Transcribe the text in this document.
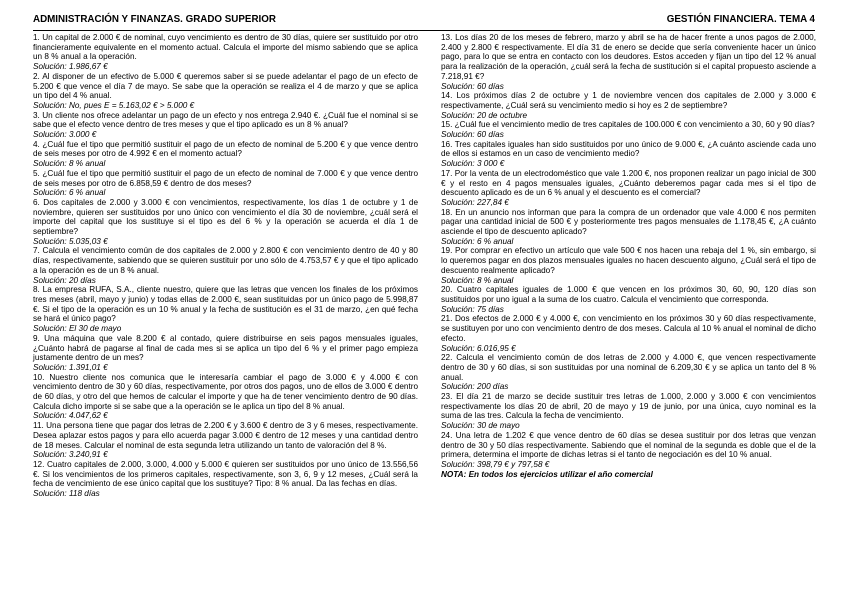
ADMINISTRACIÓN Y FINANZAS. GRADO SUPERIOR	GESTIÓN FINANCIERA. TEMA 4

1. Un capital de 2.000 € de nominal, cuyo vencimiento es dentro de 30 días, quiere ser sustituido por otro financieramente equivalente en el momento actual. Calcula el importe del mismo sabiendo que se aplica un 8 % anual a la operación.

Solución: 1.986,67 €

2. Al disponer de un efectivo de 5.000 € queremos saber si se puede adelantar el pago de un efecto de 5.200 € que vence el día 7 de mayo. Se sabe que la operación se realiza el 4 de marzo y que se aplica un tipo del 4 % anual.

Solución: No, pues E = 5.163,02 € > 5.000 €

3. Un cliente nos ofrece adelantar un pago de un efecto y nos entrega 2.940 €. ¿Cuál fue el nominal si se sabe que el efecto vence dentro de tres meses y que el tipo aplicado es un 8 % anual?

Solución: 3.000 €

4. ¿Cuál fue el tipo que permitió sustituir el pago de un efecto de nominal de 5.200 € y que vence dentro de seis meses por otro de 4.992 € en el momento actual?

Solución: 8 % anual

5. ¿Cuál fue el tipo que permitió sustituir el pago de un efecto de nominal de 7.000 € y que vence dentro de seis meses por otro de 6.858,59 € dentro de dos meses?

Solución: 6 % anual

6. Dos capitales de 2.000 y 3.000 € con vencimientos, respectivamente, los días 1 de octubre y 1 de noviembre, quieren ser sustituidos por uno único con vencimiento el día 30 de noviembre, ¿cuál será el importe del capital que los sustituye si el tipo es del 6 % y la operación se acuerda el día 1 de septiembre?

Solución: 5.035,03 €

7. Calcula el vencimiento común de dos capitales de 2.000 y 2.800 € con vencimiento dentro de 40 y 80 días, respectivamente, sabiendo que se quieren sustituir por uno sólo de 4.753,57 € y que el tipo aplicado a la operación es de un 8 % anual.

Solución: 20 días

8. La empresa RUFA, S.A., cliente nuestro, quiere que las letras que vencen los finales de los próximos tres meses (abril, mayo y junio) y todas ellas de 2.000 €, sean sustituidas por un único pago de 5.998,87 €. Si el tipo de la operación es un 10 % anual y la fecha de sustitución es el 31 de marzo, ¿en qué fecha se hará el único pago?

Solución: El 30 de mayo

9. Una máquina que vale 8.200 € al contado, quiere distribuirse en seis pagos mensuales iguales, ¿Cuánto habrá de pagarse al final de cada mes si se aplica un tipo del 6 % y el primer pago empieza justamente dentro de un mes?

Solución: 1.391,01 €

10. Nuestro cliente nos comunica que le interesaría cambiar el pago de 3.000 € y 4.000 € con vencimiento dentro de 30 y 60 días, respectivamente, por otros dos pagos, uno de ellos de 3.000 € dentro de 60 días, y otro del que hemos de calcular el importe y que ha de tener vencimiento dentro de 90 días. Calcula dicho importe si se sabe que a la operación se le aplica un tipo del 8 % anual.

Solución: 4.047,62 €

11. Una persona tiene que pagar dos letras de 2.200 € y 3.600 € dentro de 3 y 6 meses, respectivamente. Desea aplazar estos pagos y para ello acuerda pagar 3.000 € dentro de 12 meses y una cantidad dentro de 18 meses. Calcular el nominal de esta segunda letra utilizando un tanto de valoración del 8 %.

Solución: 3.240,91 €

12. Cuatro capitales de 2.000, 3.000, 4.000 y 5.000 € quieren ser sustituidos por uno único de 13.556,56 €. Si los vencimientos de los primeros capitales, respectivamente, son 3, 6, 9 y 12 meses, ¿Cuál será la fecha de vencimiento de ese único capital que los sustituye? Tipo: 8 % anual. Da las fechas en días.

Solución: 118 días

13. Los días 20 de los meses de febrero, marzo y abril se ha de hacer frente a unos pagos de 2.000, 2.400 y 2.800 € respectivamente. El día 31 de enero se decide que sería conveniente hacer un único pago, para lo que se entra en contacto con los deudores. Estos acceden y fijan un tipo del 12 % anual para la realización de la operación, ¿cuál será la fecha de sustitución si el capital propuesto asciende a 7.218,91 €?

Solución: 60 días

14. Los próximos días 2 de octubre y 1 de noviembre vencen dos capitales de 2.000 y 3.000 € respectivamente, ¿Cuál será su vencimiento medio si hoy es 2 de septiembre?

Solución: 20 de octubre

15. ¿Cuál fue el vencimiento medio de tres capitales de 100.000 € con vencimiento a 30, 60 y 90 días?

Solución: 60 días

16. Tres capitales iguales han sido sustituidos por uno único de 9.000 €, ¿A cuánto asciende cada uno de ellos si estamos en un caso de vencimiento medio?

Solución: 3 000 €

17. Por la venta de un electrodoméstico que vale 1.200 €, nos proponen realizar un pago inicial de 300 € y el resto en 4 pagos mensuales iguales, ¿Cuánto deberemos pagar cada mes si el tipo de descuento aplicado es de un 6 % anual y el descuento es el comercial?

Solución: 227,84 €

18. En un anuncio nos informan que para la compra de un ordenador que vale 4.000 € nos permiten pagar una cantidad inicial de 500 € y posteriormente tres pagos mensuales de 1.178,45 €, ¿A cuánto asciende el tipo de descuento aplicado?

Solución: 6 % anual

19. Por comprar en efectivo un artículo que vale 500 € nos hacen una rebaja del 1 %, sin embargo, si lo queremos pagar en dos plazos mensuales iguales no hacen descuento alguno, ¿Cuál será el tipo de descuento realmente aplicado?

Solución: 8 % anual

20. Cuatro capitales iguales de 1.000 € que vencen en los próximos 30, 60, 90, 120 días son sustituidos por uno igual a la suma de los cuatro. Calcula el vencimiento que corresponda.

Solución: 75 días

21. Dos efectos de 2.000 € y 4.000 €, con vencimiento en los próximos 30 y 60 días respectivamente, se sustituyen por uno con vencimiento dentro de dos meses. Calcula al 10 % anual el nominal de dicho efecto.

Solución: 6.016,95 €

22. Calcula el vencimiento común de dos letras de 2.000 y 4.000 €, que vencen respectivamente dentro de 30 y 60 días, si son sustituidas por una nominal de 6.209,30 € y se aplica un tanto del 8 % anual.

Solución: 200 días

23. El día 21 de marzo se decide sustituir tres letras de 1.000, 2.000 y 3.000 € con vencimientos respectivamente los días 20 de abril, 20 de mayo y 19 de junio, por una única, cuyo nominal es la suma de las tres. Calcula la fecha de vencimiento.

Solución: 30 de mayo

24. Una letra de 1.202 € que vence dentro de 60 días se desea sustituir por dos letras que venzan dentro de 30 y 50 días respectivamente. Sabiendo que el nominal de la segunda es doble que el de la primera, determina el importe de dichas letras si el tanto de negociación es del 10 % anual.

Solución: 398,79 € y 797,58 €

NOTA: En todos los ejercicios utilizar el año comercial
